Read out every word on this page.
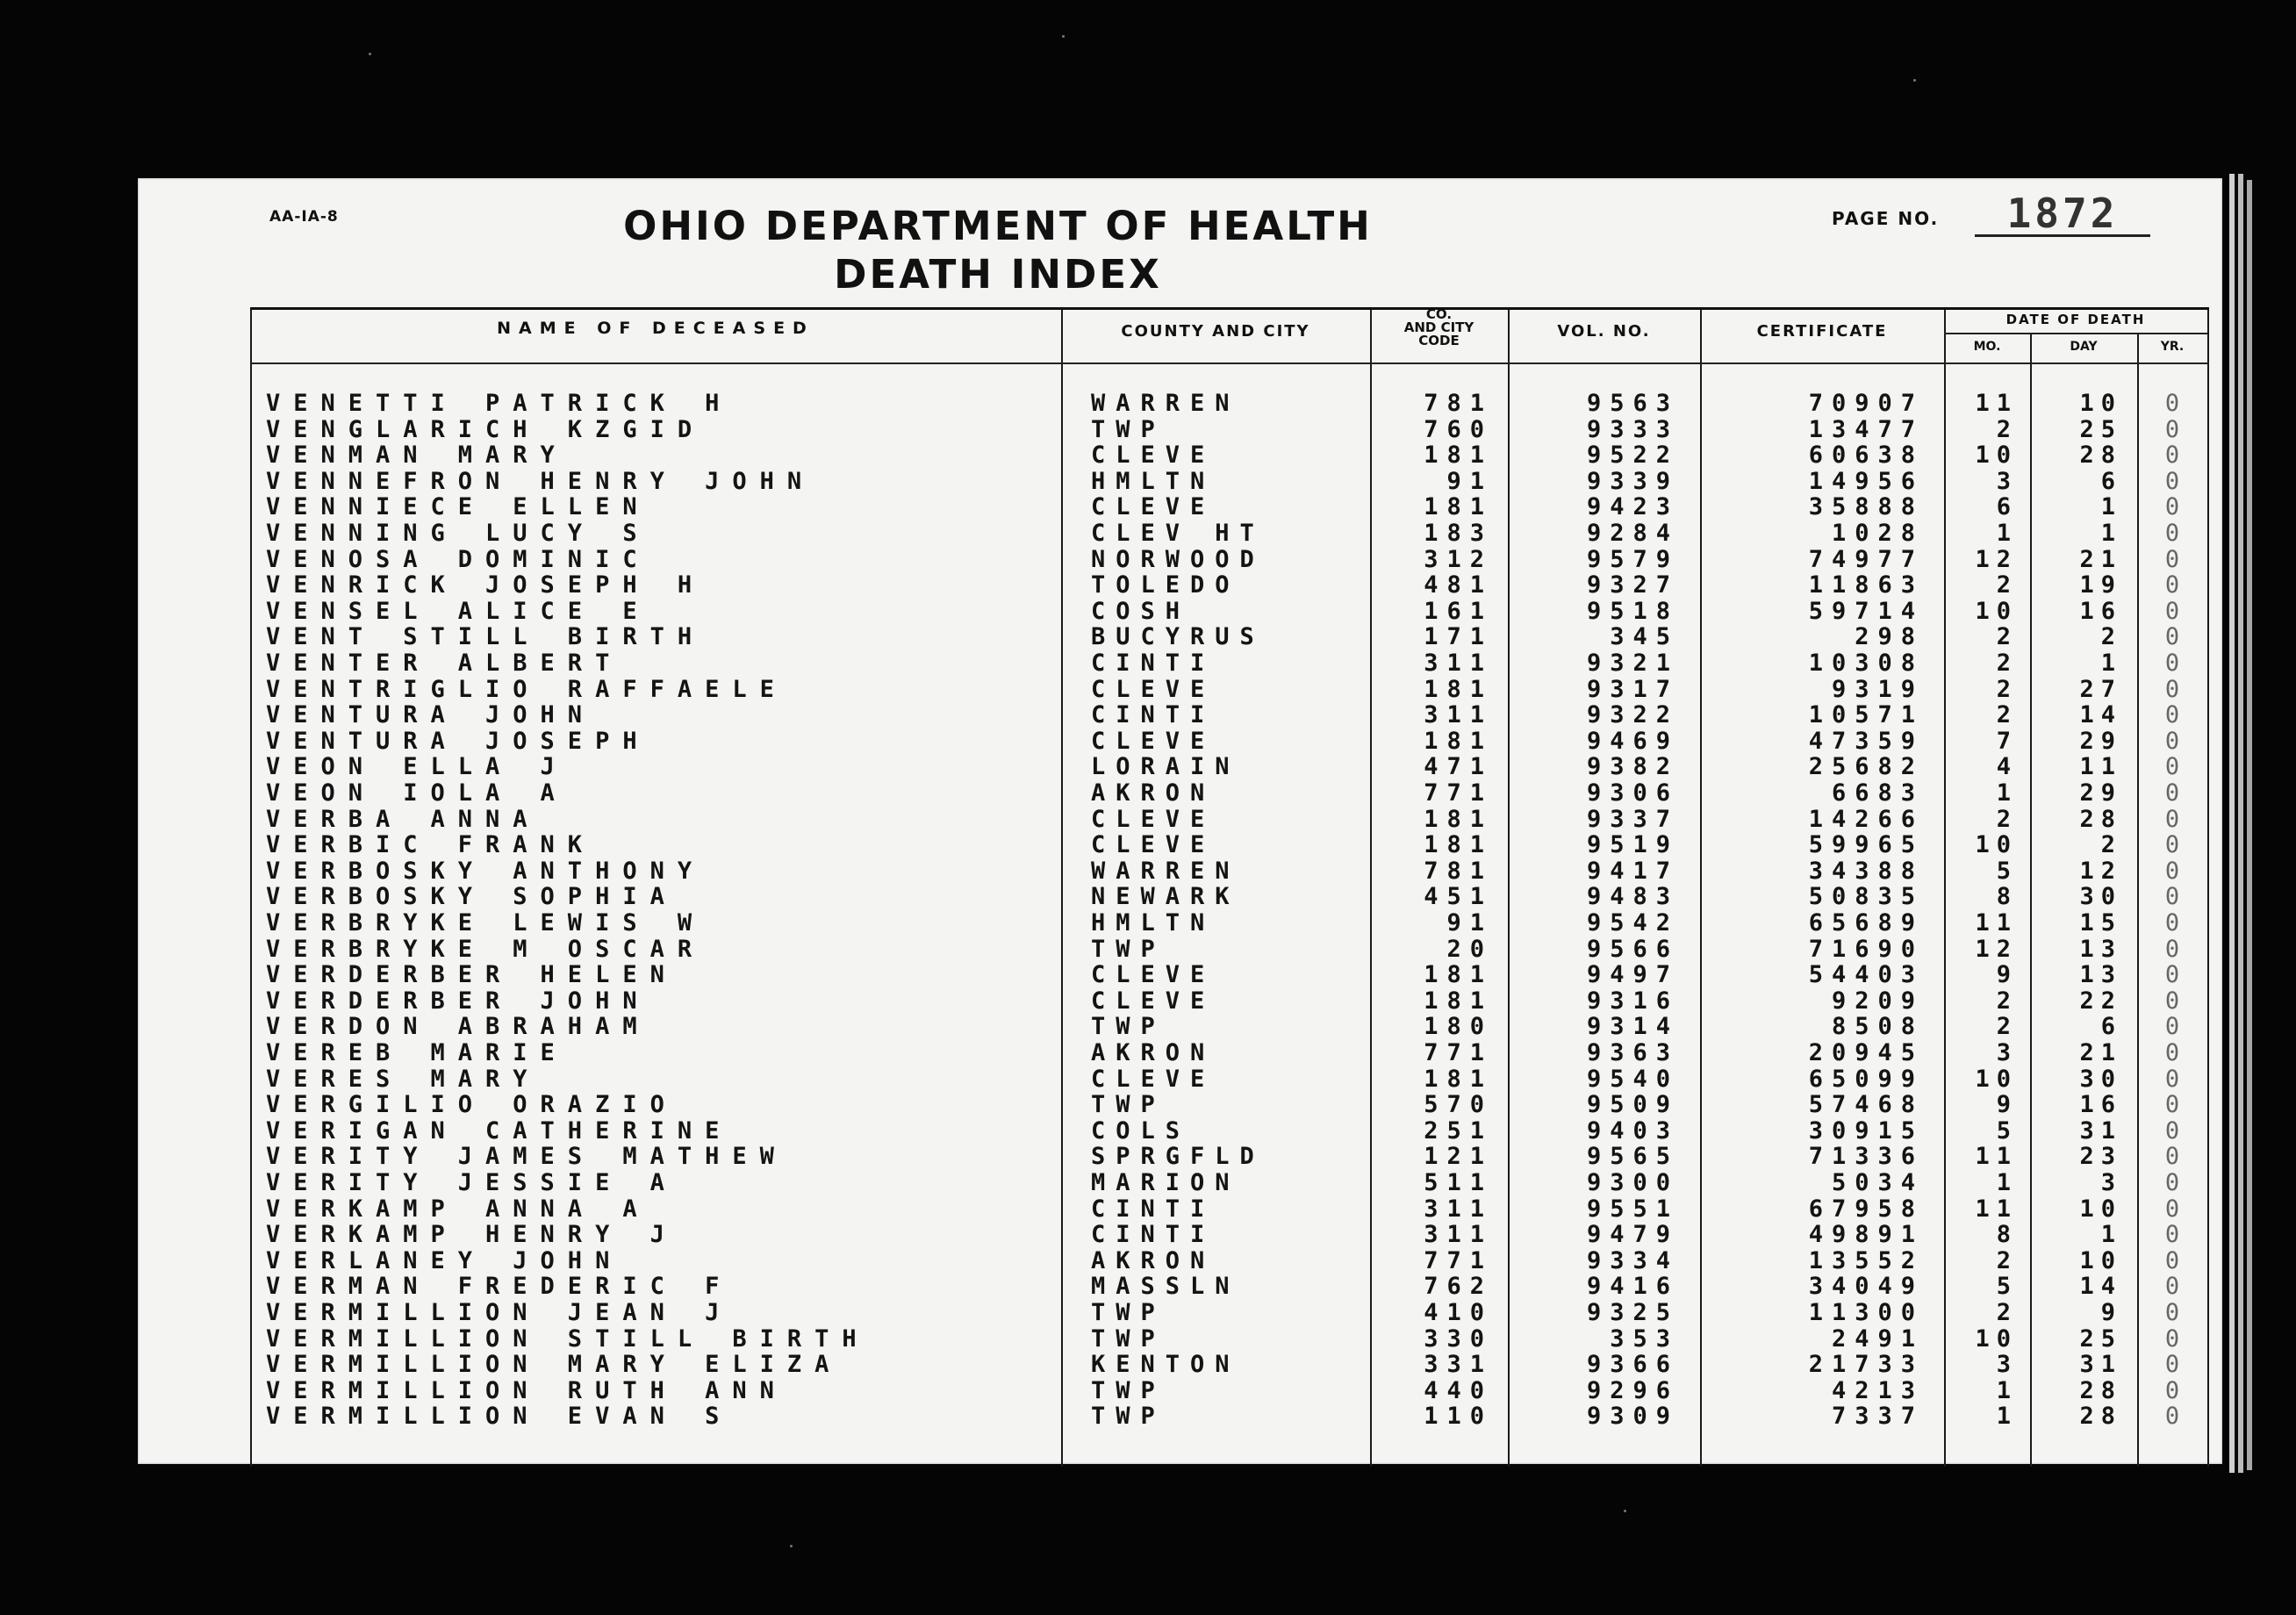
AA-IA-8	OHIO DEPARTMENT OF HEALTH
DEATH INDEX
PAGE NO.	1872
NAME OF DECEASED	COUNTY AND CITY
CO.
AND CITY
CODE	VOL. NO.	CERTIFICATE
DATE OF DEATH
MO.	DAY	YR.
VENETTI PATRICK H	WARREN	781	9563	70907	11	10	0
VENGLARICH KZGID	TWP	760	9333	13477	2	25	0
VENMAN MARY	CLEVE	181	9522	60638	10	28	0
VENNEFRON HENRY JOHN	HMLTN	91	9339	14956	3	6	0
VENNIECE ELLEN	CLEVE	181	9423	35888	6	1	0
VENNING LUCY S	CLEV HT	183	9284	1028	1	1	0
VENOSA DOMINIC	NORWOOD	312	9579	74977	12	21	0
VENRICK JOSEPH H	TOLEDO	481	9327	11863	2	19	0
VENSEL ALICE E	COSH	161	9518	59714	10	16	0
VENT STILL BIRTH	BUCYRUS	171	345	298	2	2	0
VENTER ALBERT	CINTI	311	9321	10308	2	1	0
VENTRIGLIO RAFFAELE	CLEVE	181	9317	9319	2	27	0
VENTURA JOHN	CINTI	311	9322	10571	2	14	0
VENTURA JOSEPH	CLEVE	181	9469	47359	7	29	0
VEON ELLA J	LORAIN	471	9382	25682	4	11	0
VEON IOLA A	AKRON	771	9306	6683	1	29	0
VERBA ANNA	CLEVE	181	9337	14266	2	28	0
VERBIC FRANK	CLEVE	181	9519	59965	10	2	0
VERBOSKY ANTHONY	WARREN	781	9417	34388	5	12	0
VERBOSKY SOPHIA	NEWARK	451	9483	50835	8	30	0
VERBRYKE LEWIS W	HMLTN	91	9542	65689	11	15	0
VERBRYKE M OSCAR	TWP	20	9566	71690	12	13	0
VERDERBER HELEN	CLEVE	181	9497	54403	9	13	0
VERDERBER JOHN	CLEVE	181	9316	9209	2	22	0
VERDON ABRAHAM	TWP	180	9314	8508	2	6	0
VEREB MARIE	AKRON	771	9363	20945	3	21	0
VERES MARY	CLEVE	181	9540	65099	10	30	0
VERGILIO ORAZIO	TWP	570	9509	57468	9	16	0
VERIGAN CATHERINE	COLS	251	9403	30915	5	31	0
VERITY JAMES MATHEW	SPRGFLD	121	9565	71336	11	23	0
VERITY JESSIE A	MARION	511	9300	5034	1	3	0
VERKAMP ANNA A	CINTI	311	9551	67958	11	10	0
VERKAMP HENRY J	CINTI	311	9479	49891	8	1	0
VERLANEY JOHN	AKRON	771	9334	13552	2	10	0
VERMAN FREDERIC F	MASSLN	762	9416	34049	5	14	0
VERMILLION JEAN J	TWP	410	9325	11300	2	9	0
VERMILLION STILL BIRTH	TWP	330	353	2491	10	25	0
VERMILLION MARY ELIZA	KENTON	331	9366	21733	3	31	0
VERMILLION RUTH ANN	TWP	440	9296	4213	1	28	0
VERMILLION EVAN S	TWP	110	9309	7337	1	28	0
